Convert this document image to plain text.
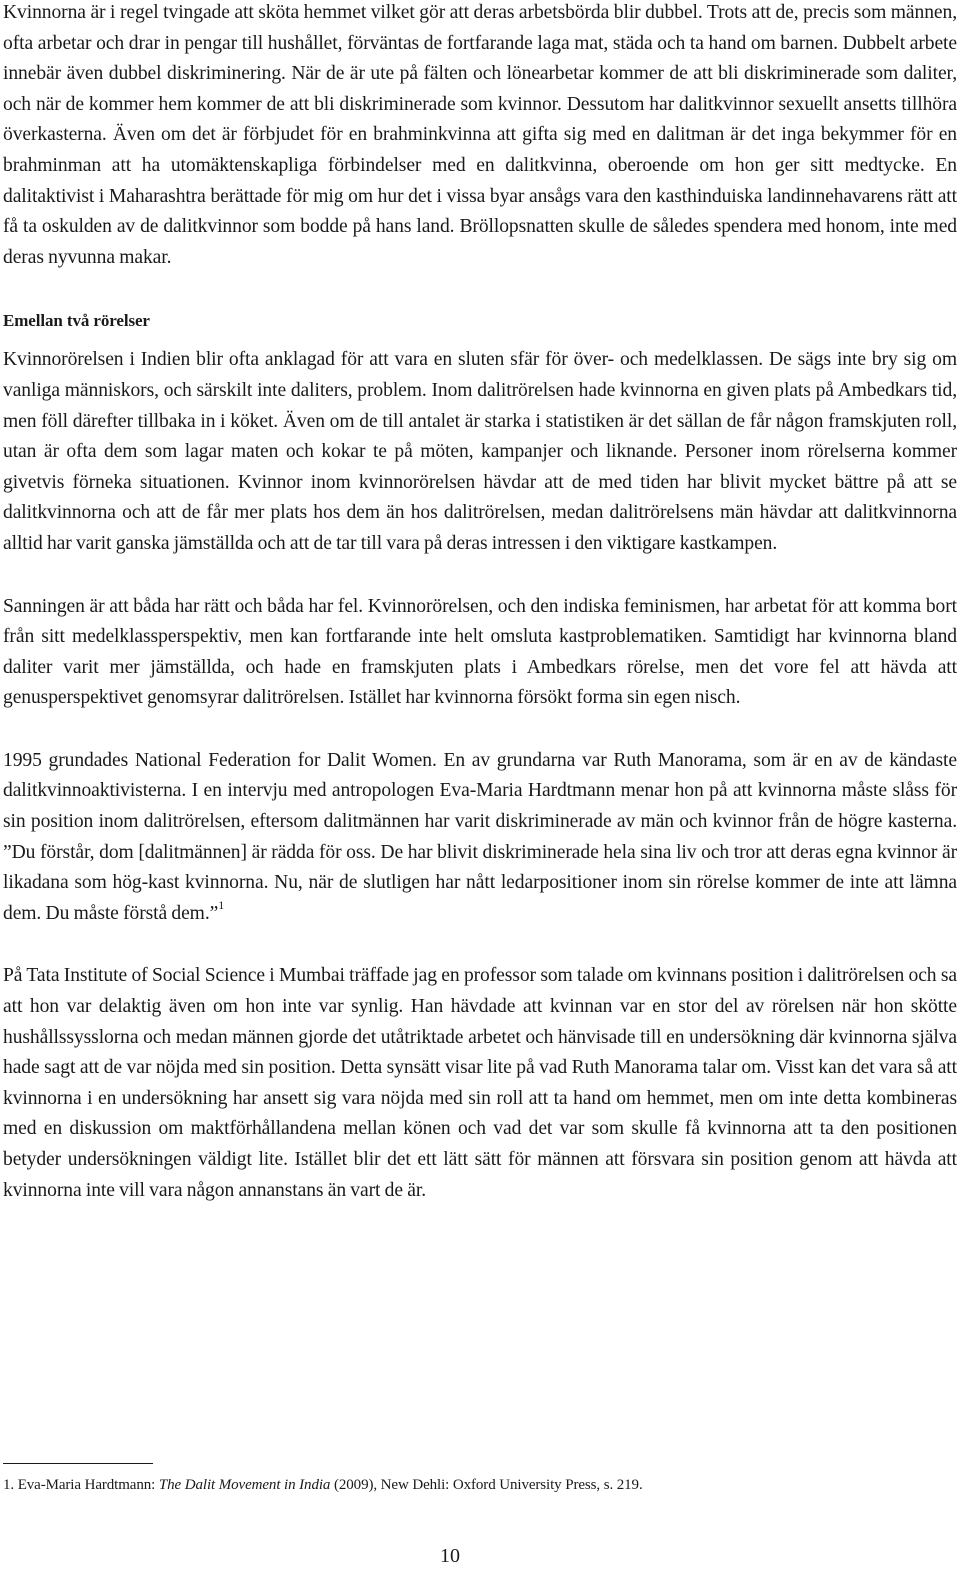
Kvinnorna är i regel tvingade att sköta hemmet vilket gör att deras arbetsbörda blir dubbel. Trots att de, precis som männen, ofta arbetar och drar in pengar till hushållet, förväntas de fortfarande laga mat, städa och ta hand om barnen. Dubbelt arbete innebär även dubbel diskriminering. När de är ute på fälten och lönearbetar kommer de att bli diskriminerade som daliter, och när de kommer hem kommer de att bli diskriminerade som kvinnor. Dessutom har dalitkvinnor sexuellt ansetts tillhöra överkasterna. Även om det är förbjudet för en brahminkvinna att gifta sig med en dalitman är det inga bekymmer för en brahminman att ha utomäktenskapliga förbindelser med en dalitkvinna, oberoende om hon ger sitt medtycke. En dalitaktivist i Maharashtra berättade för mig om hur det i vissa byar ansågs vara den kasthinduiska landinnehavarens rätt att få ta oskulden av de dalitkvinnor som bodde på hans land. Bröllopsnatten skulle de således spendera med honom, inte med deras nyvunna makar.

Emellan två rörelser

Kvinnorörelsen i Indien blir ofta anklagad för att vara en sluten sfär för över- och medelklassen. De sägs inte bry sig om vanliga människors, och särskilt inte daliters, problem. Inom dalitrörelsen hade kvinnorna en given plats på Ambedkars tid, men föll därefter tillbaka in i köket. Även om de till antalet är starka i statistiken är det sällan de får någon framskjuten roll, utan är ofta dem som lagar maten och kokar te på möten, kampanjer och liknande. Personer inom rörelserna kommer givetvis förneka situationen. Kvinnor inom kvinnorörelsen hävdar att de med tiden har blivit mycket bättre på att se dalitkvinnorna och att de får mer plats hos dem än hos dalitrörelsen, medan dalitrörelsens män hävdar att dalitkvinnorna alltid har varit ganska jämställda och att de tar till vara på deras intressen i den viktigare kastkampen.

Sanningen är att båda har rätt och båda har fel. Kvinnorörelsen, och den indiska feminismen, har arbetat för att komma bort från sitt medelklassperspektiv, men kan fortfarande inte helt omsluta kastproblematiken. Samtidigt har kvinnorna bland daliter varit mer jämställda, och hade en framskjuten plats i Ambedkars rörelse, men det vore fel att hävda att genusperspektivet genomsyrar dalitrörelsen. Istället har kvinnorna försökt forma sin egen nisch.

1995 grundades National Federation for Dalit Women. En av grundarna var Ruth Manorama, som är en av de kändaste dalitkvinnoaktivisterna. I en intervju med antropologen Eva-Maria Hardtmann menar hon på att kvinnorna måste slåss för sin position inom dalitrörelsen, eftersom dalitmännen har varit diskriminerade av män och kvinnor från de högre kasterna. ”Du förstår, dom [dalitmännen] är rädda för oss. De har blivit diskriminerade hela sina liv och tror att deras egna kvinnor är likadana som hög-kast kvinnorna. Nu, när de slutligen har nått ledarpositioner inom sin rörelse kommer de inte att lämna dem. Du måste förstå dem.”$^1$

På Tata Institute of Social Science i Mumbai träffade jag en professor som talade om kvinnans position i dalitrörelsen och sa att hon var delaktig även om hon inte var synlig. Han hävdade att kvinnan var en stor del av rörelsen när hon skötte hushållssysslorna och medan männen gjorde det utåtriktade arbetet och hänvisade till en undersökning där kvinnorna själva hade sagt att de var nöjda med sin position. Detta synsätt visar lite på vad Ruth Manorama talar om. Visst kan det vara så att kvinnorna i en undersökning har ansett sig vara nöjda med sin roll att ta hand om hemmet, men om inte detta kombineras med en diskussion om maktförhållandena mellan könen och vad det var som skulle få kvinnorna att ta den positionen betyder undersökningen väldigt lite. Istället blir det ett lätt sätt för männen att försvara sin position genom att hävda att kvinnorna inte vill vara någon annanstans än vart de är.

1. Eva-Maria Hardtmann: The Dalit Movement in India (2009), New Dehli: Oxford University Press, s. 219.
10
